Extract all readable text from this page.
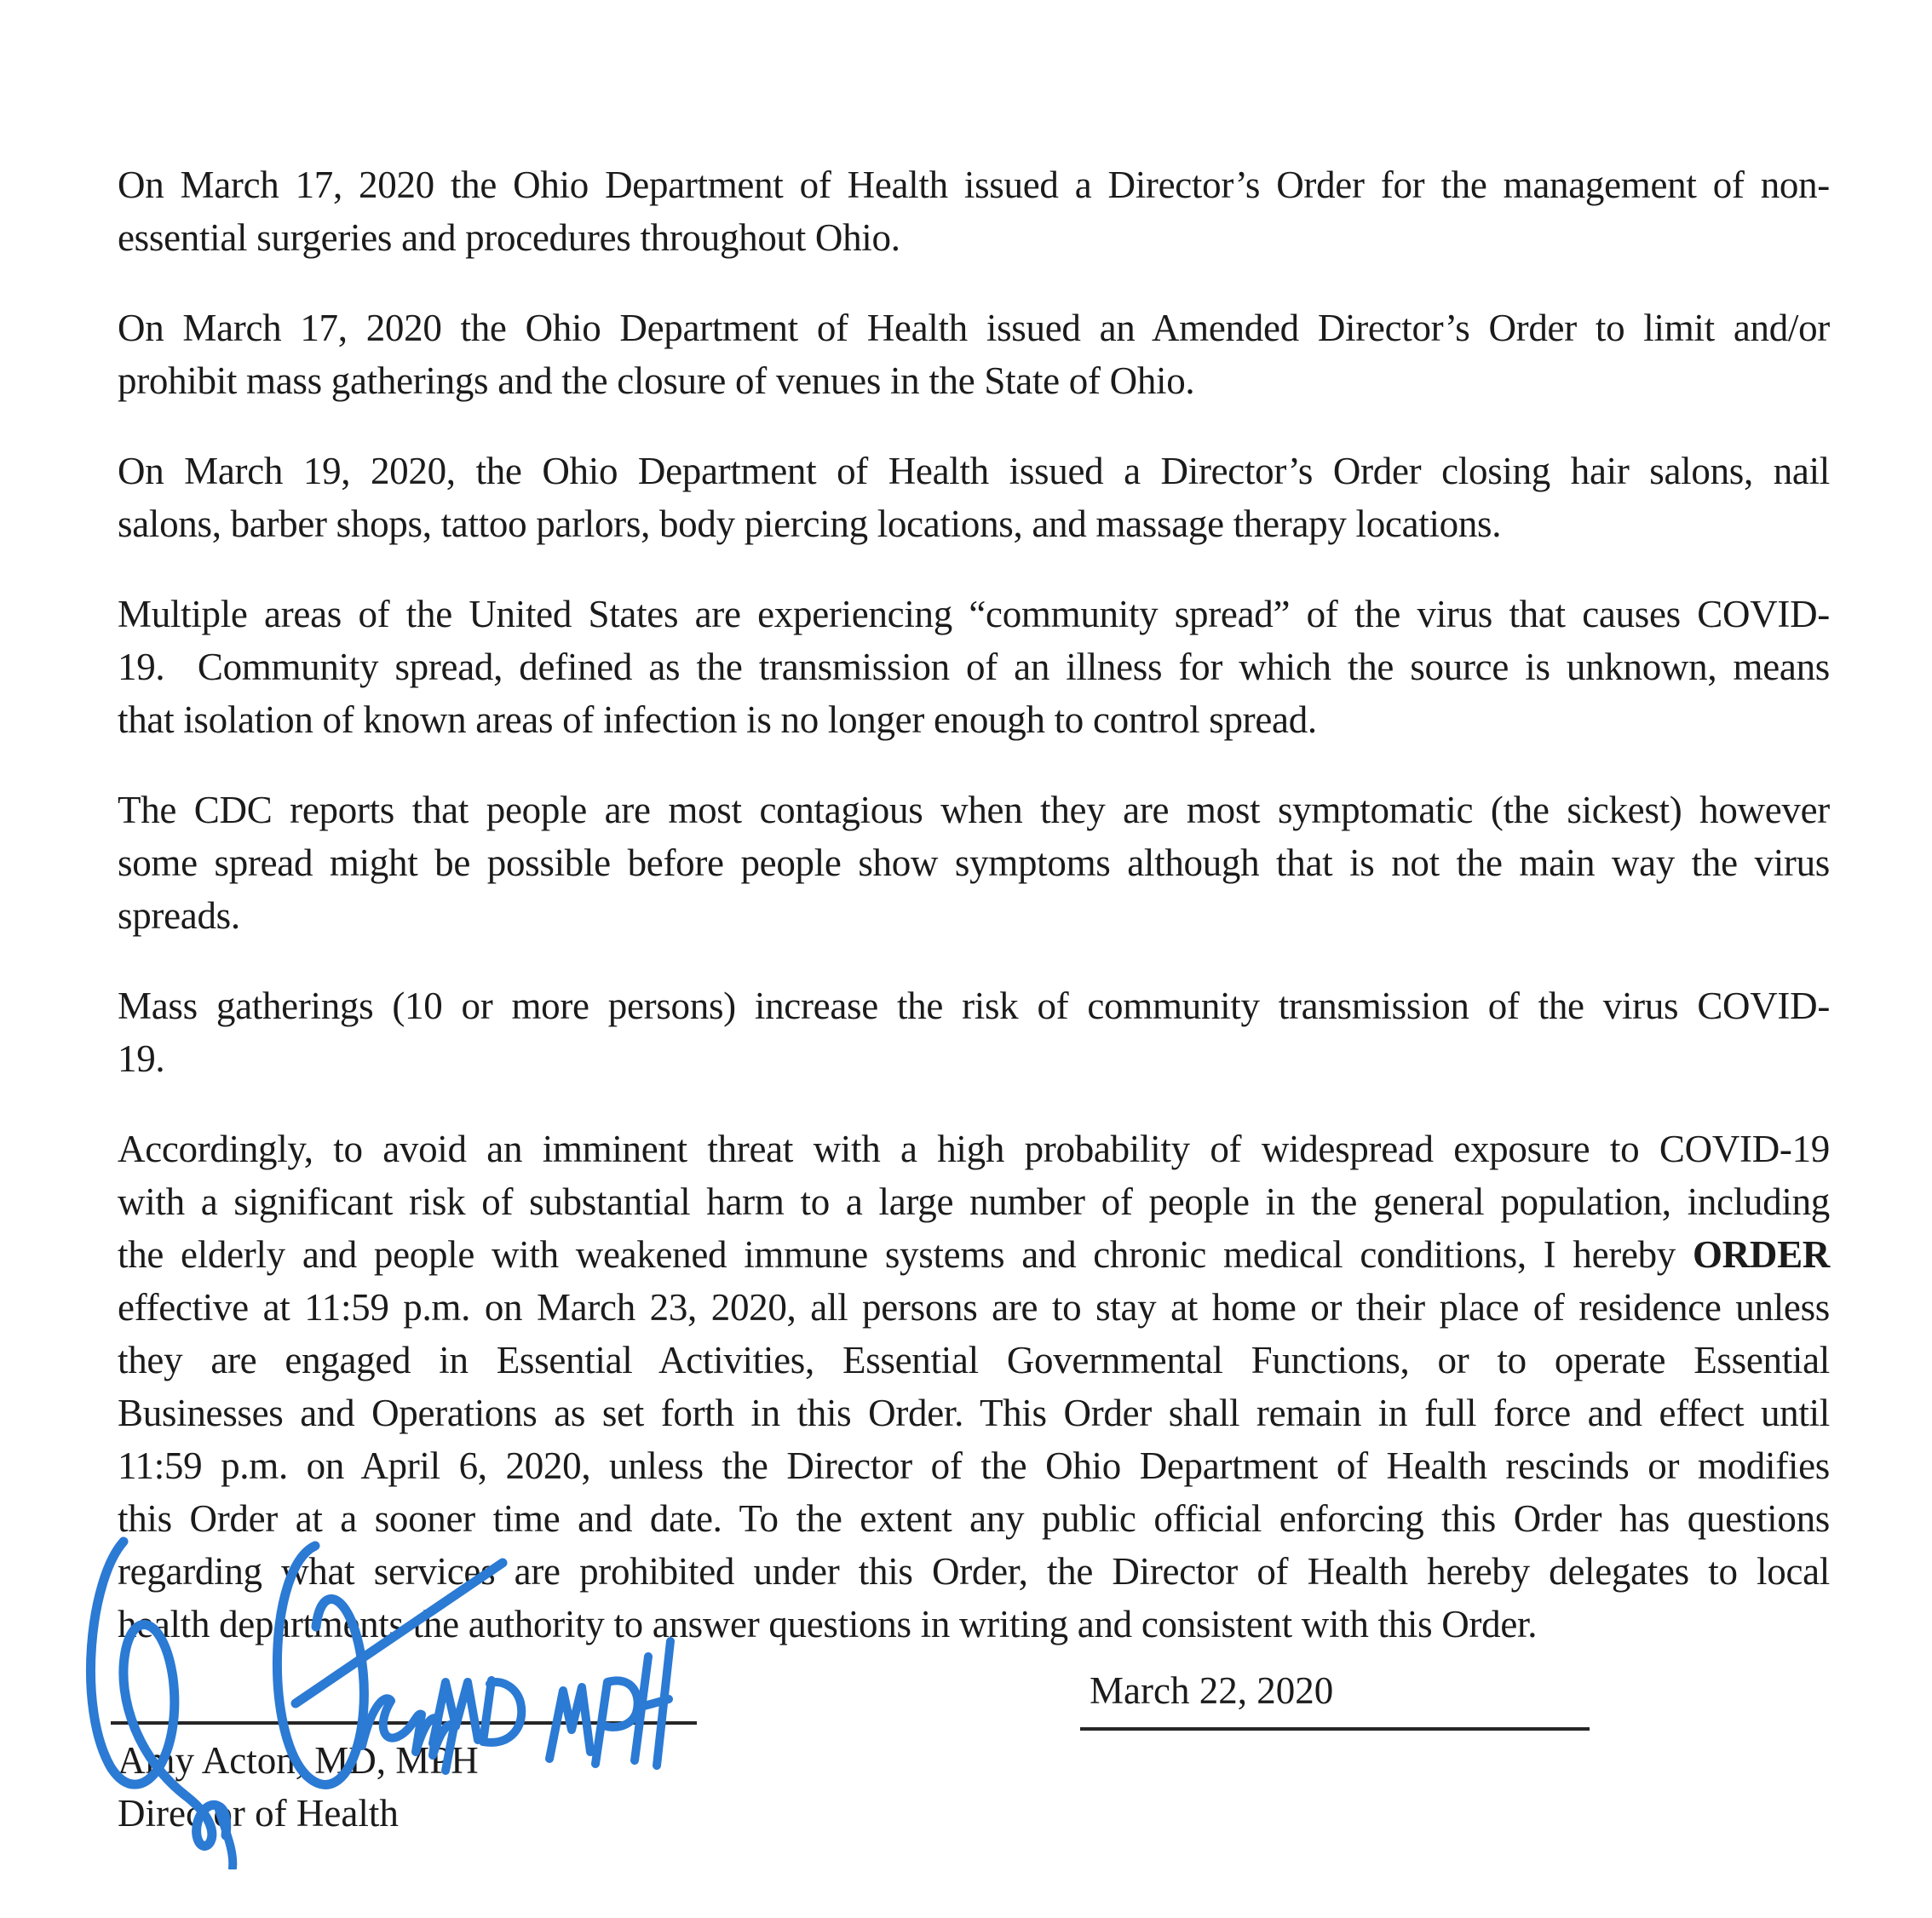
On March 17, 2020 the Ohio Department of Health issued a Director’s Order for the management of non-
essential surgeries and procedures throughout Ohio.
On March 17, 2020 the Ohio Department of Health issued an Amended Director’s Order to limit and/or
prohibit mass gatherings and the closure of venues in the State of Ohio.
On March 19, 2020, the Ohio Department of Health issued a Director’s Order closing hair salons, nail
salons, barber shops, tattoo parlors, body piercing locations, and massage therapy locations.
Multiple areas of the United States are experiencing “community spread” of the virus that causes COVID-
19.  Community spread, defined as the transmission of an illness for which the source is unknown, means
that isolation of known areas of infection is no longer enough to control spread.
The CDC reports that people are most contagious when they are most symptomatic (the sickest) however
some spread might be possible before people show symptoms although that is not the main way the virus
spreads.
Mass gatherings (10 or more persons) increase the risk of community transmission of the virus COVID-
19.
Accordingly, to avoid an imminent threat with a high probability of widespread exposure to COVID-19
with a significant risk of substantial harm to a large number of people in the general population, including
the elderly and people with weakened immune systems and chronic medical conditions, I hereby ORDER
effective at 11:59 p.m. on March 23, 2020, all persons are to stay at home or their place of residence unless
they are engaged in Essential Activities, Essential Governmental Functions, or to operate Essential
Businesses and Operations as set forth in this Order. This Order shall remain in full force and effect until
11:59 p.m. on April 6, 2020, unless the Director of the Ohio Department of Health rescinds or modifies
this Order at a sooner time and date. To the extent any public official enforcing this Order has questions
regarding what services are prohibited under this Order, the Director of Health hereby delegates to local
health departments the authority to answer questions in writing and consistent with this Order.
Amy Acton, MD, MPH
Director of Health
March 22, 2020
